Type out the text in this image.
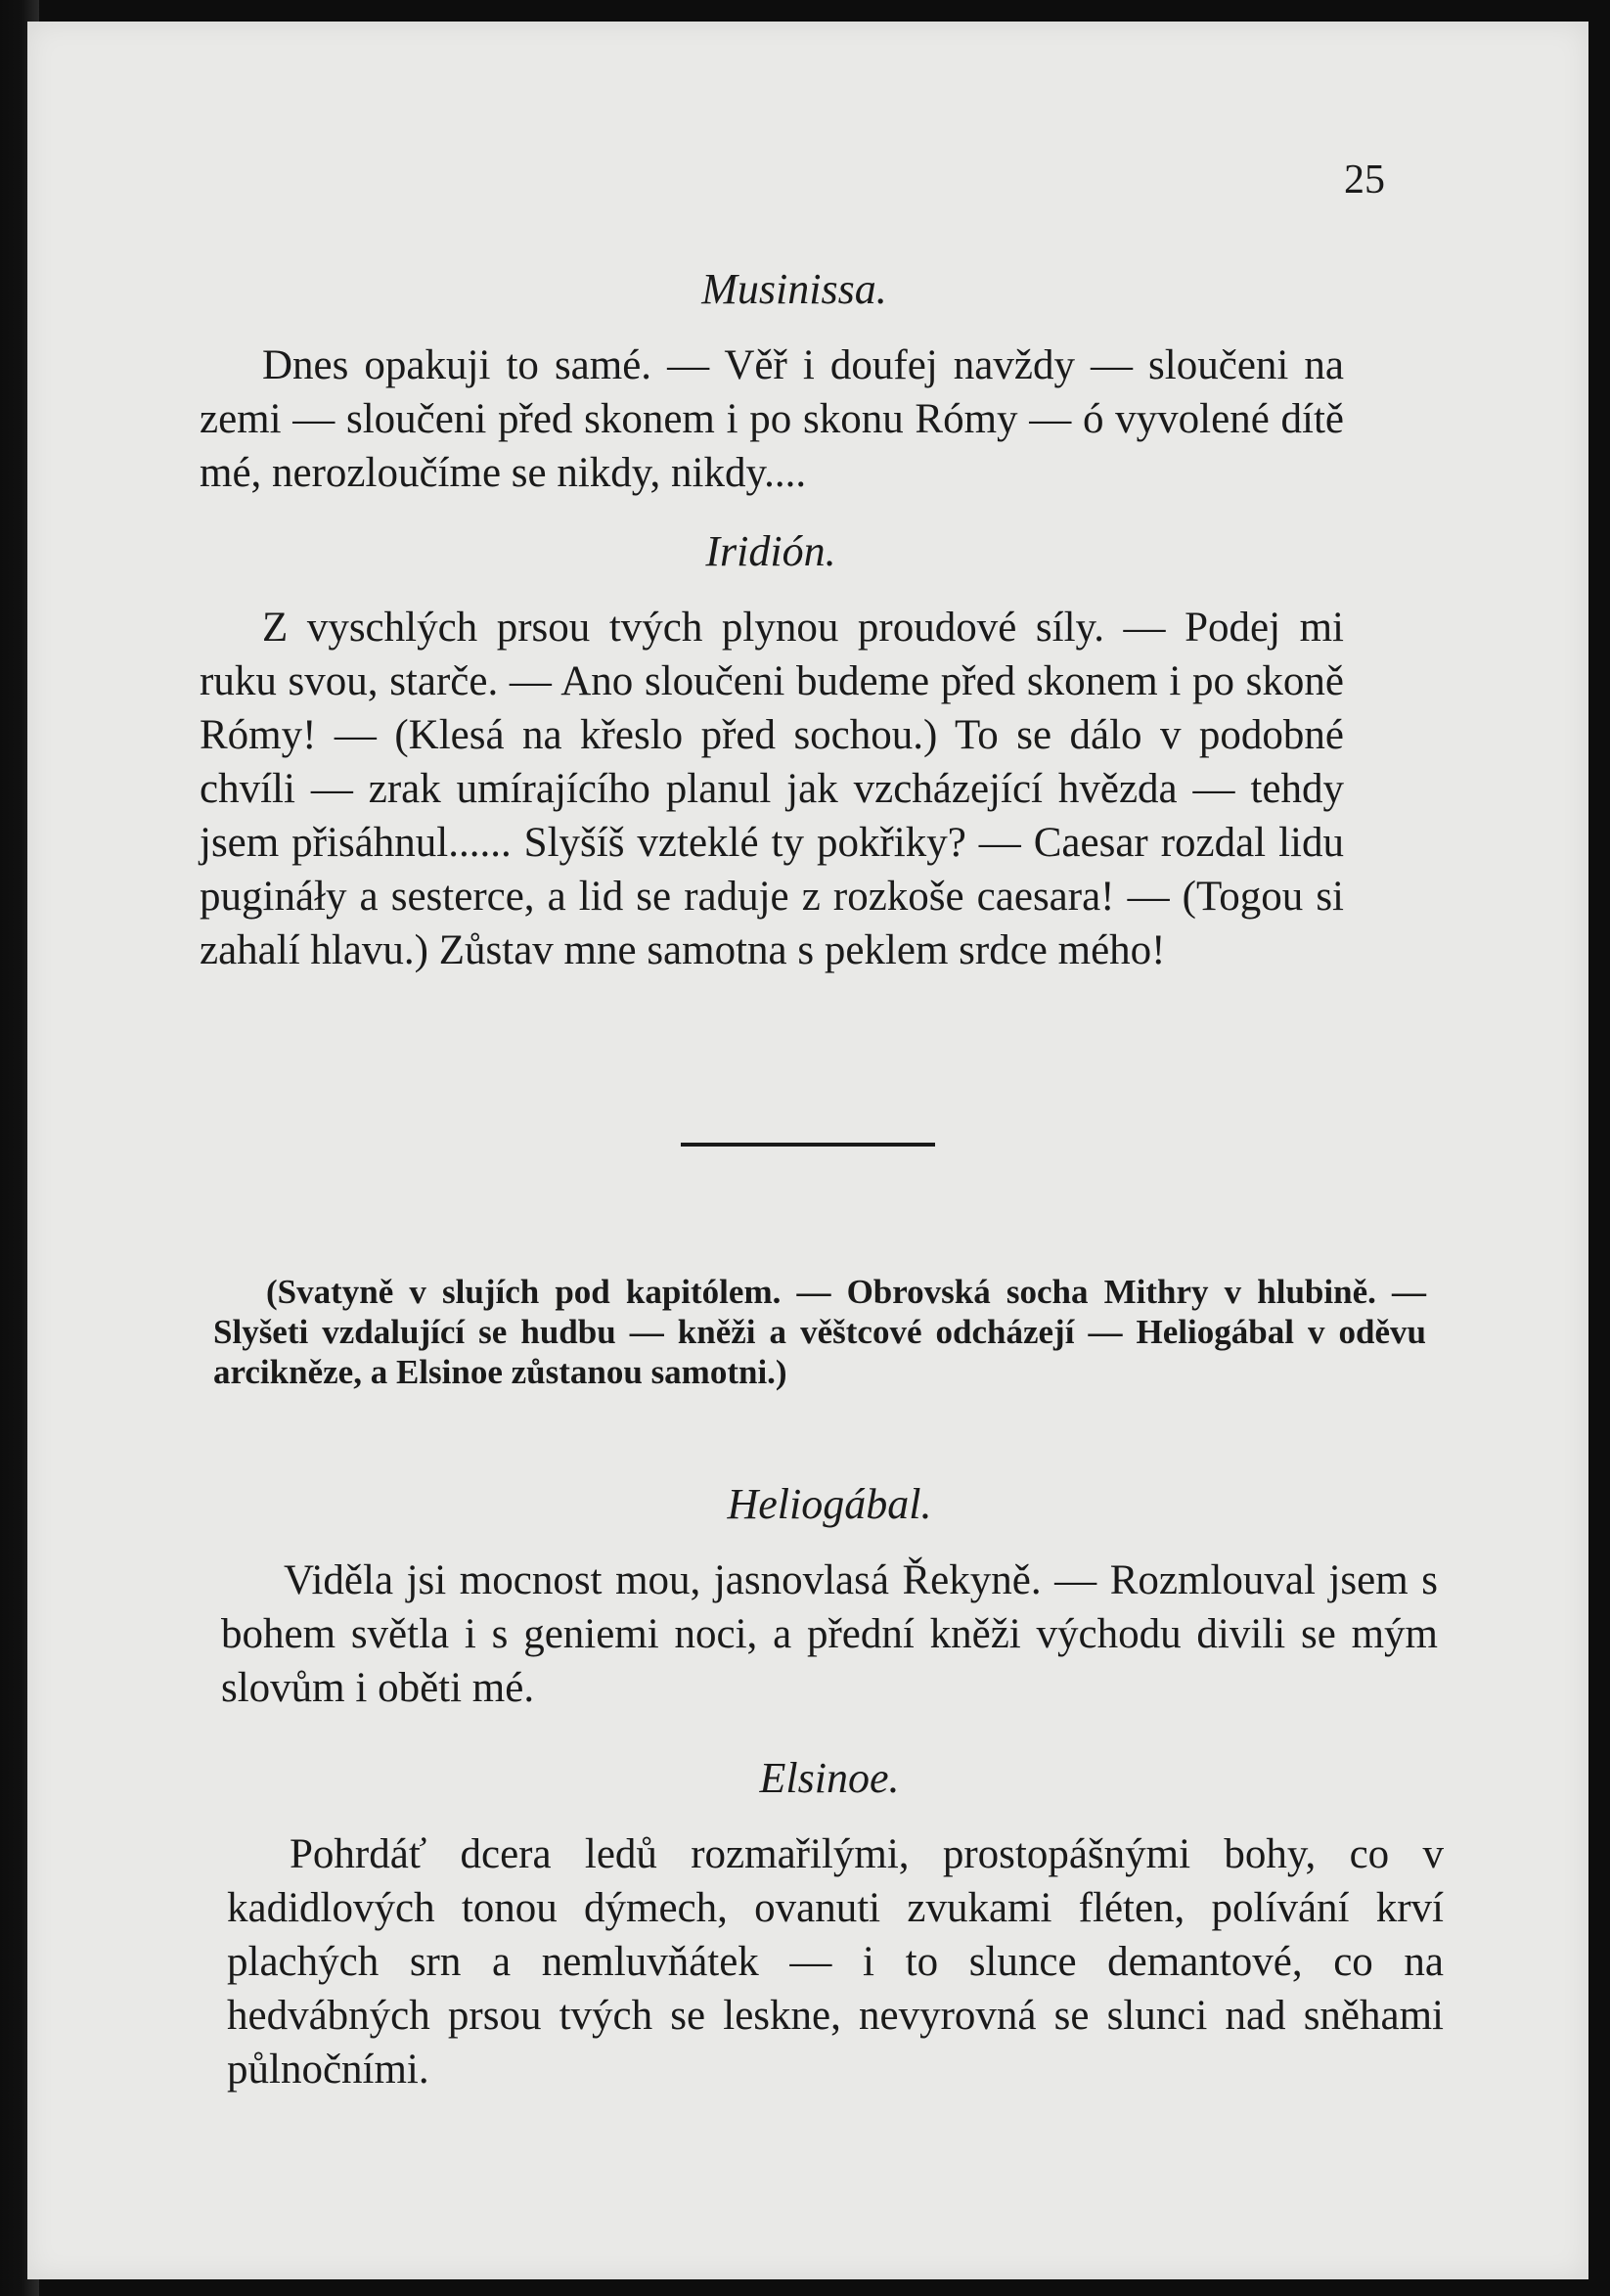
25
Musinissa.
Dnes opakuji to samé. — Věř i doufej navždy — sloučeni na zemi — sloučeni před skonem i po skonu Rómy — ó vyvolené dítě mé, nerozloučíme se nikdy, nikdy....
Iridión.
Z vyschlých prsou tvých plynou proudové síly. — Podej mi ruku svou, starče. — Ano sloučeni budeme před skonem i po skoně Rómy! — (Klesá na křeslo před sochou.) To se dálo v podobné chvíli — zrak umírajícího planul jak vzcházející hvězda — tehdy jsem přisáhnul...... Slyšíš vzteklé ty pokřiky? — Caesar rozdal lidu pugináły a sesterce, a lid se raduje z rozkoše caesara! — (Togou si zahalí hlavu.) Zůstav mne samotna s peklem srdce mého!
(Svatyně v slujích pod kapitólem. — Obrovská socha Mithry v hlubině. — Slyšeti vzdalující se hudbu — kněži a věštcové odcházejí — Heliogábal v oděvu arcikněze, a Elsinoe zůstanou samotni.)
Heliogábal.
Viděla jsi mocnost mou, jasnovlasá Řekyně. — Rozmlouval jsem s bohem světla i s geniemi noci, a přední kněži východu divili se mým slovům i oběti mé.
Elsinoe.
Pohrdáť dcera ledů rozmařilými, prostopášnými bohy, co v kadidlových tonou dýmech, ovanuti zvukami fléten, polívání krví plachých srn a nemluvňátek — i to slunce demantové, co na hedvábných prsou tvých se leskne, nevyrovná se slunci nad sněhami půlnočními.
